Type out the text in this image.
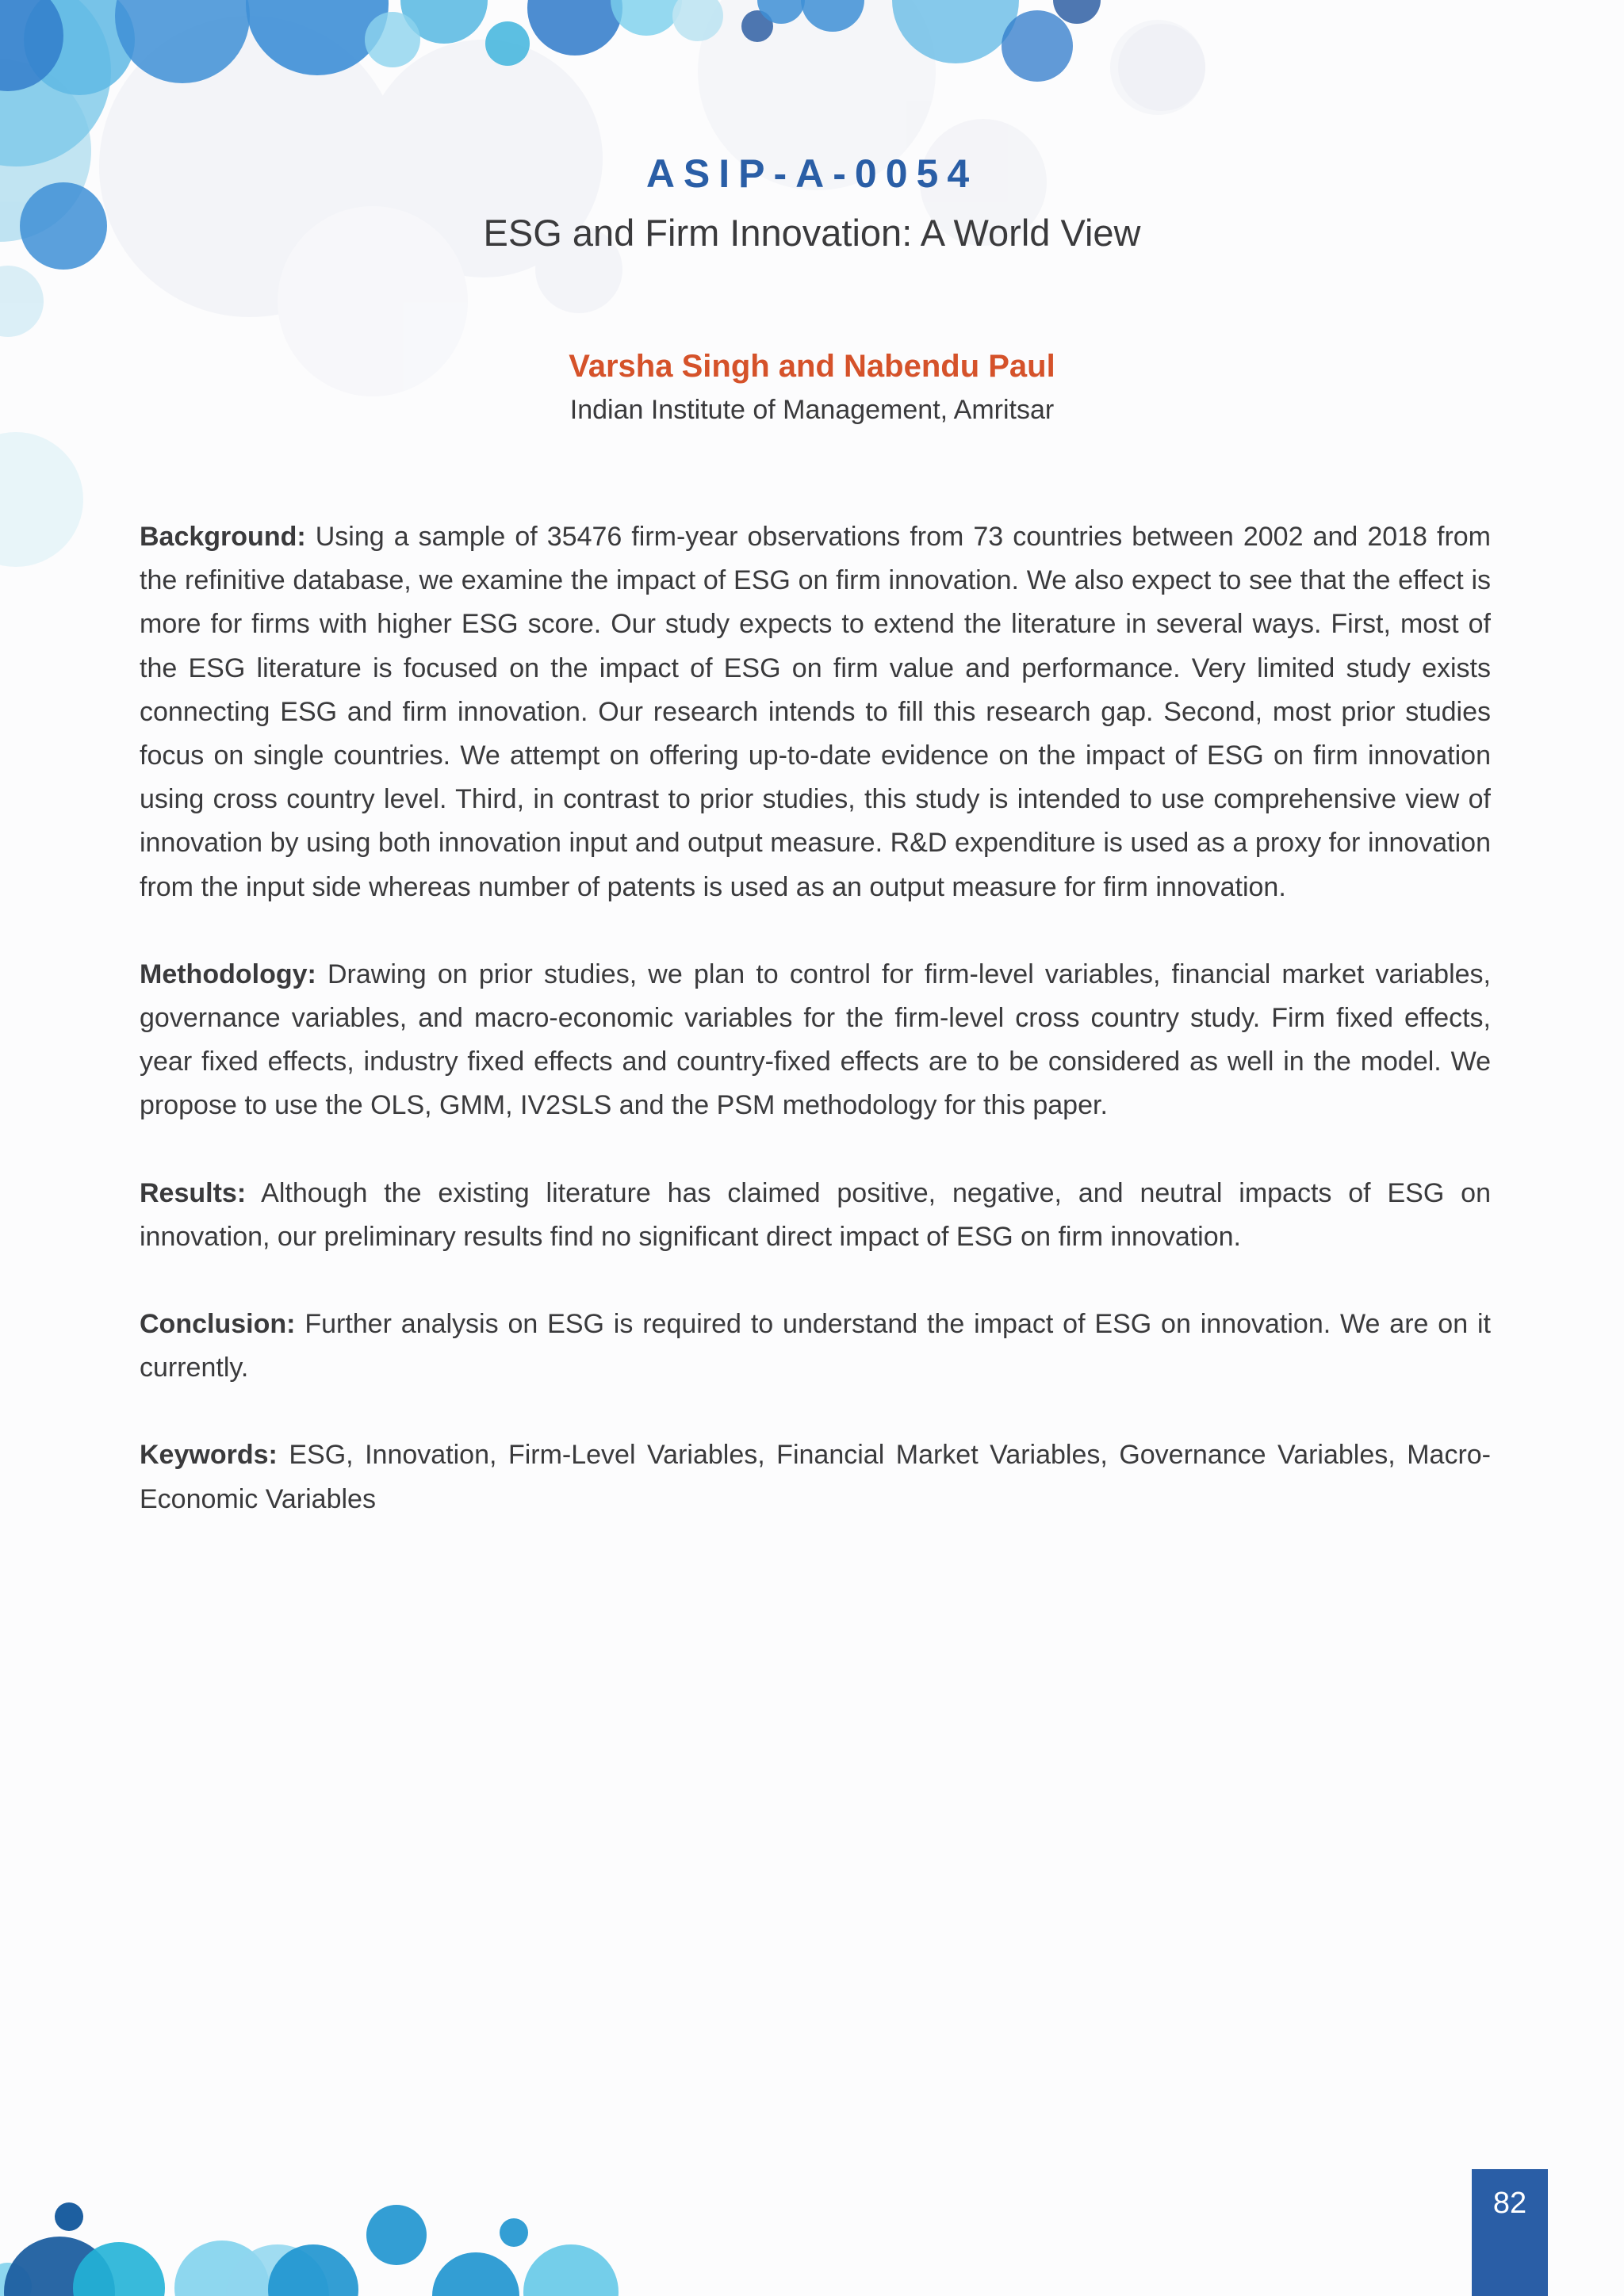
ASIP-A-0054
ESG and Firm Innovation: A World View
Varsha Singh and Nabendu Paul
Indian Institute of Management, Amritsar

Background: Using a sample of 35476 firm-year observations from 73 countries between 2002 and 2018 from the refinitive database, we examine the impact of ESG on firm innovation. We also expect to see that the effect is more for firms with higher ESG score. Our study expects to extend the literature in several ways. First, most of the ESG literature is focused on the impact of ESG on firm value and performance. Very limited study exists connecting ESG and firm innovation. Our research intends to fill this research gap. Second, most prior studies focus on single countries. We attempt on offering up-to-date evidence on the impact of ESG on firm innovation using cross country level. Third, in contrast to prior studies, this study is intended to use comprehensive view of innovation by using both innovation input and output measure. R&D expenditure is used as a proxy for innovation from the input side whereas number of patents is used as an output measure for firm innovation.

Methodology: Drawing on prior studies, we plan to control for firm-level variables, financial market variables, governance variables, and macro-economic variables for the firm-level cross country study. Firm fixed effects, year fixed effects, industry fixed effects and country-fixed effects are to be considered as well in the model. We propose to use the OLS, GMM, IV2SLS and the PSM methodology for this paper.

Results: Although the existing literature has claimed positive, negative, and neutral impacts of ESG on innovation, our preliminary results find no significant direct impact of ESG on firm innovation.

Conclusion: Further analysis on ESG is required to understand the impact of ESG on innovation. We are on it currently.

Keywords: ESG, Innovation, Firm-Level Variables, Financial Market Variables, Governance Variables, Macro-Economic Variables

82
